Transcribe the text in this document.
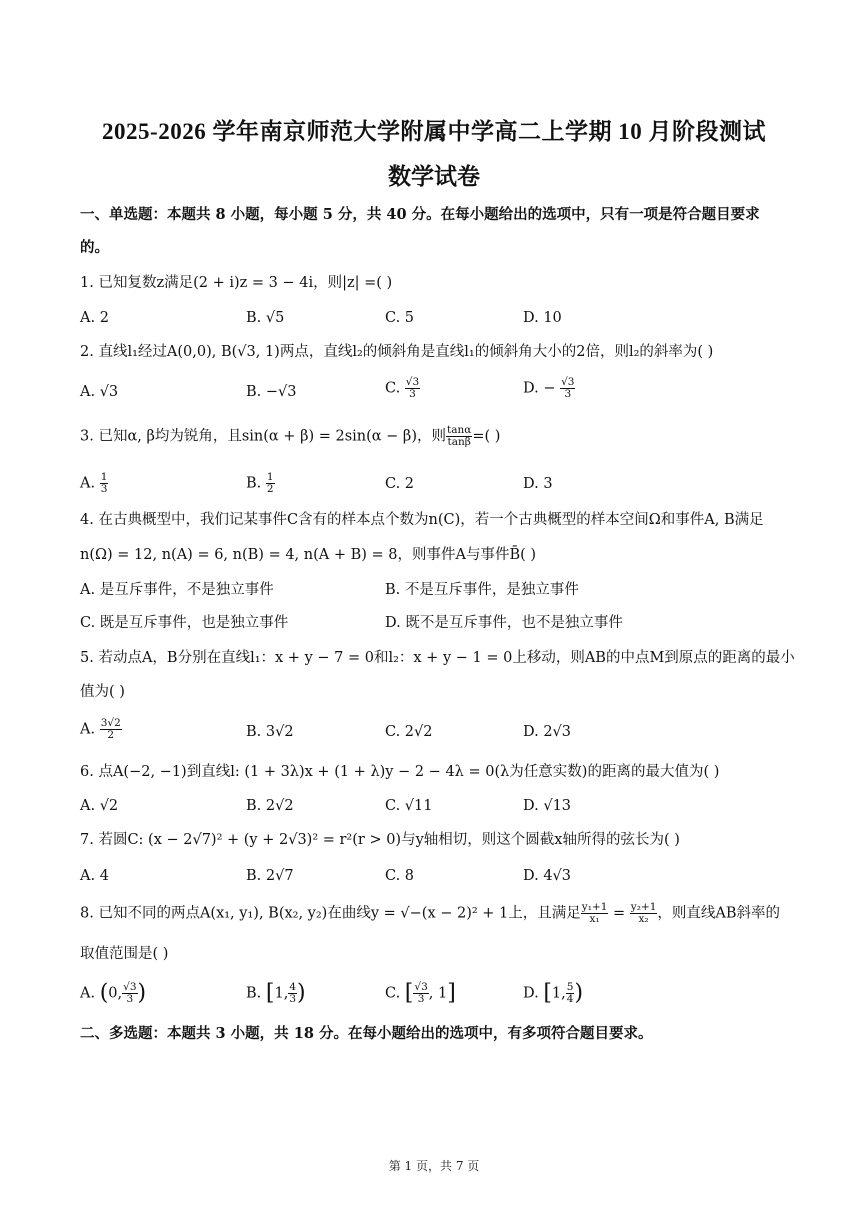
2025-2026 学年南京师范大学附属中学高二上学期 10 月阶段测试
数学试卷
一、单选题：本题共 8 小题，每小题 5 分，共 40 分。在每小题给出的选项中，只有一项是符合题目要求
的。
1. 已知复数z满足(2 + i)z = 3 − 4i，则|z| =( )
A. 2	B. √5	C. 5	D. 10
2. 直线l₁经过A(0,0), B(√3, 1)两点，直线l₂的倾斜角是直线l₁的倾斜角大小的2倍，则l₂的斜率为( )
A. √3	B. −√3	C. $\frac{√3}{3}$	D. − $\frac{√3}{3}$
3. 已知α, β均为锐角，且sin(α + β) = 2sin(α − β)，则 $\frac{\tan\alpha}{\tan\beta}$ =( )
A. $\frac{1}{3}$	B. $\frac{1}{2}$	C. 2	D. 3
4. 在古典概型中，我们记某事件C含有的样本点个数为n(C)，若一个古典概型的样本空间Ω和事件A, B满足
n(Ω) = 12, n(A) = 6, n(B) = 4, n(A + B) = 8，则事件A与事件B̄( )
A. 是互斥事件，不是独立事件	B. 不是互斥事件，是独立事件
C. 既是互斥事件，也是独立事件	D. 既不是互斥事件，也不是独立事件
5. 若动点A，B分别在直线l₁：x + y − 7 = 0和l₂：x + y − 1 = 0上移动，则AB的中点M到原点的距离的最小
值为( )
A. $\frac{3√2}{2}$	B. 3√2	C. 2√2	D. 2√3
6. 点A(−2, −1)到直线l: (1 + 3λ)x + (1 + λ)y − 2 − 4λ = 0(λ为任意实数)的距离的最大值为( )
A. √2	B. 2√2	C. √11	D. √13
7. 若圆C: (x − 2√7)² + (y + 2√3)² = r²(r > 0)与y轴相切，则这个圆截x轴所得的弦长为( )
A. 4	B. 2√7	C. 8	D. 4√3
8. 已知不同的两点A(x₁, y₁), B(x₂, y₂)在曲线y = √−(x − 2)² + 1上，且满足 $\frac{\text{y₁+1}}{\text{x₁}} = \frac{\text{y₂+1}}{\text{x₂}}$ ，则直线AB斜率的
取值范围是( )
A. (0, $\frac{√3}{3}$ )	B. [1, $\frac{4}{3}$ )	C. [ $\frac{√3}{3}$ , 1]	D. [1, $\frac{5}{4}$ )
二、多选题：本题共 3 小题，共 18 分。在每小题给出的选项中，有多项符合题目要求。
第 1 页，共 7 页
